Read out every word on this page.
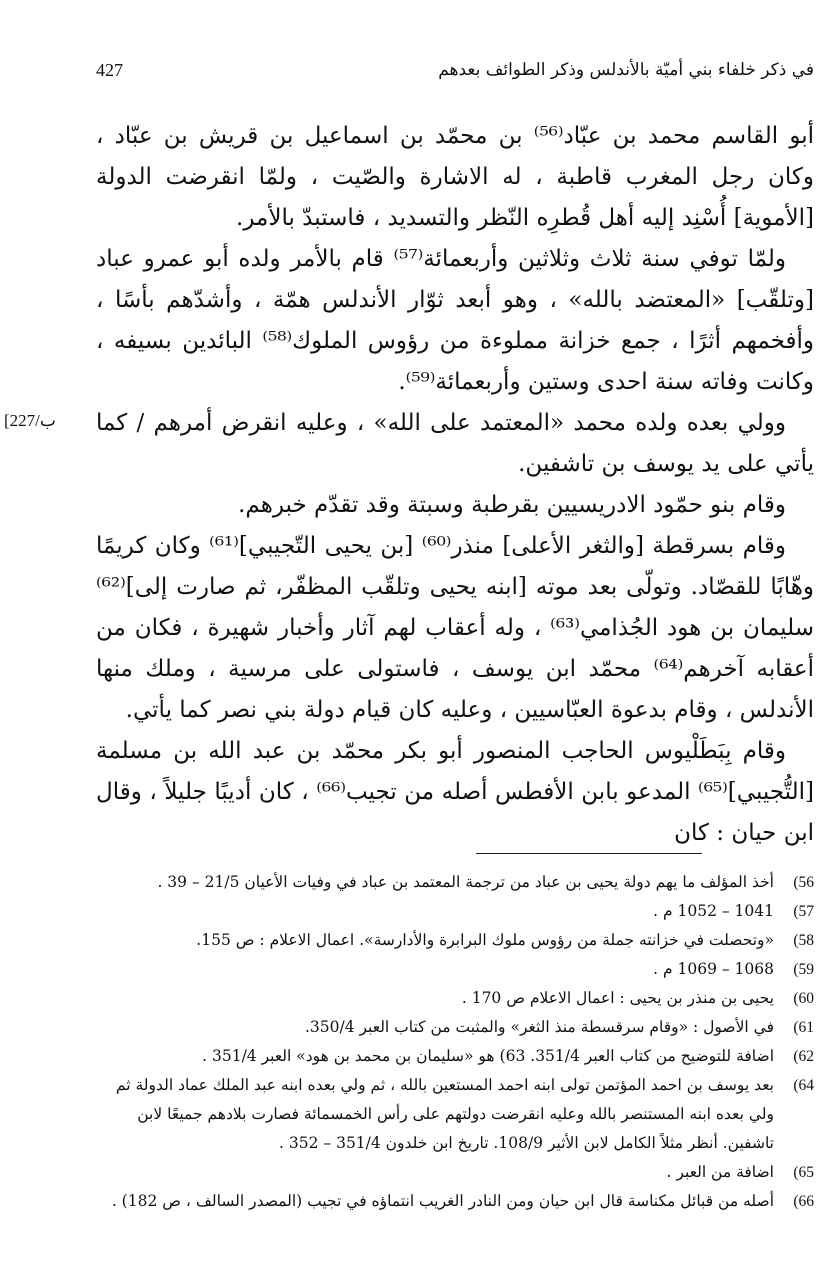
في ذكر خلفاء بني أميّة بالأندلس وذكر الطوائف بعدهم
427
[227/ب

أبو القاسم محمد بن عبّاد⁽⁵⁶⁾ بن محمّد بن اسماعيل بن قريش بن عبّاد ، وكان رجل المغرب قاطبة ، له الاشارة والصّيت ، ولمّا انقرضت الدولة [الأموية] أُسْنِد إليه أهل قُطرِه النّظر والتسديد ، فاستبدّ بالأمر.

ولمّا توفي سنة ثلاث وثلاثين وأربعمائة⁽⁵⁷⁾ قام بالأمر ولده أبو عمرو عباد [وتلقّب] «المعتضد بالله» ، وهو أبعد ثوّار الأندلس همّة ، وأشدّهم بأسًا ، وأفخمهم أثرًا ، جمع خزانة مملوءة من رؤوس الملوك⁽⁵⁸⁾ البائدين بسيفه ، وكانت وفاته سنة احدى وستين وأربعمائة⁽⁵⁹⁾.

وولي بعده ولده محمد «المعتمد على الله» ، وعليه انقرض أمرهم / كما يأتي على يد يوسف بن تاشفين.

وقام بنو حمّود الادريسيين بقرطبة وسبتة وقد تقدّم خبرهم.

وقام بسرقطة [والثغر الأعلى] منذر⁽⁶⁰⁾ [بن يحيى التّجيبي]⁽⁶¹⁾ وكان كريمًا وهّابًا للقصّاد. وتولّى بعد موته [ابنه يحيى وتلقّب المظفّر، ثم صارت إلى]⁽⁶²⁾ سليمان بن هود الجُذامي⁽⁶³⁾ ، وله أعقاب لهم آثار وأخبار شهيرة ، فكان من أعقابه آخرهم⁽⁶⁴⁾ محمّد ابن يوسف ، فاستولى على مرسية ، وملك منها الأندلس ، وقام بدعوة العبّاسيين ، وعليه كان قيام دولة بني نصر كما يأتي.

وقام بِبَطَلْيوس الحاجب المنصور أبو بكر محمّد بن عبد الله بن مسلمة [التُّجيبي]⁽⁶⁵⁾ المدعو بابن الأفطس أصله من تجيب⁽⁶⁶⁾ ، كان أديبًا جليلاً ، وقال ابن حيان : كان

56)
أخذ المؤلف ما يهم دولة يحيى بن عباد من ترجمة المعتمد بن عباد في وفيات الأعيان 21/5 – 39 .
57)
1041 – 1052 م .
58)
«وتحصلت في خزانته جملة من رؤوس ملوك البرابرة والأدارسة». اعمال الاعلام : ص 155.
59)
1068 – 1069 م .
60)
يحيى بن منذر بن يحيى : اعمال الاعلام ص 170 .
61)
في الأصول : «وقام سرقسطة منذ الثغر» والمثبت من كتاب العبر 350/4.
62)
اضافة للتوضيح من كتاب العبر 351/4. 63) هو «سليمان بن محمد بن هود» العبر 351/4 .
64)
بعد يوسف بن احمد المؤتمن تولى ابنه احمد المستعين بالله ، ثم ولي بعده ابنه عبد الملك عماد الدولة ثم ولي بعده ابنه المستنصر بالله وعليه انقرضت دولتهم على رأس الخمسمائة فصارت بلادهم جميعًا لابن تاشفين. أنظر مثلاً الكامل لابن الأثير 108/9. تاريخ ابن خلدون 351/4 – 352 .
65)
اضافة من العبر .
66)
أصله من قبائل مكناسة قال ابن حيان ومن النادر الغريب انتماؤه في تجيب (المصدر السالف ، ص 182) .
